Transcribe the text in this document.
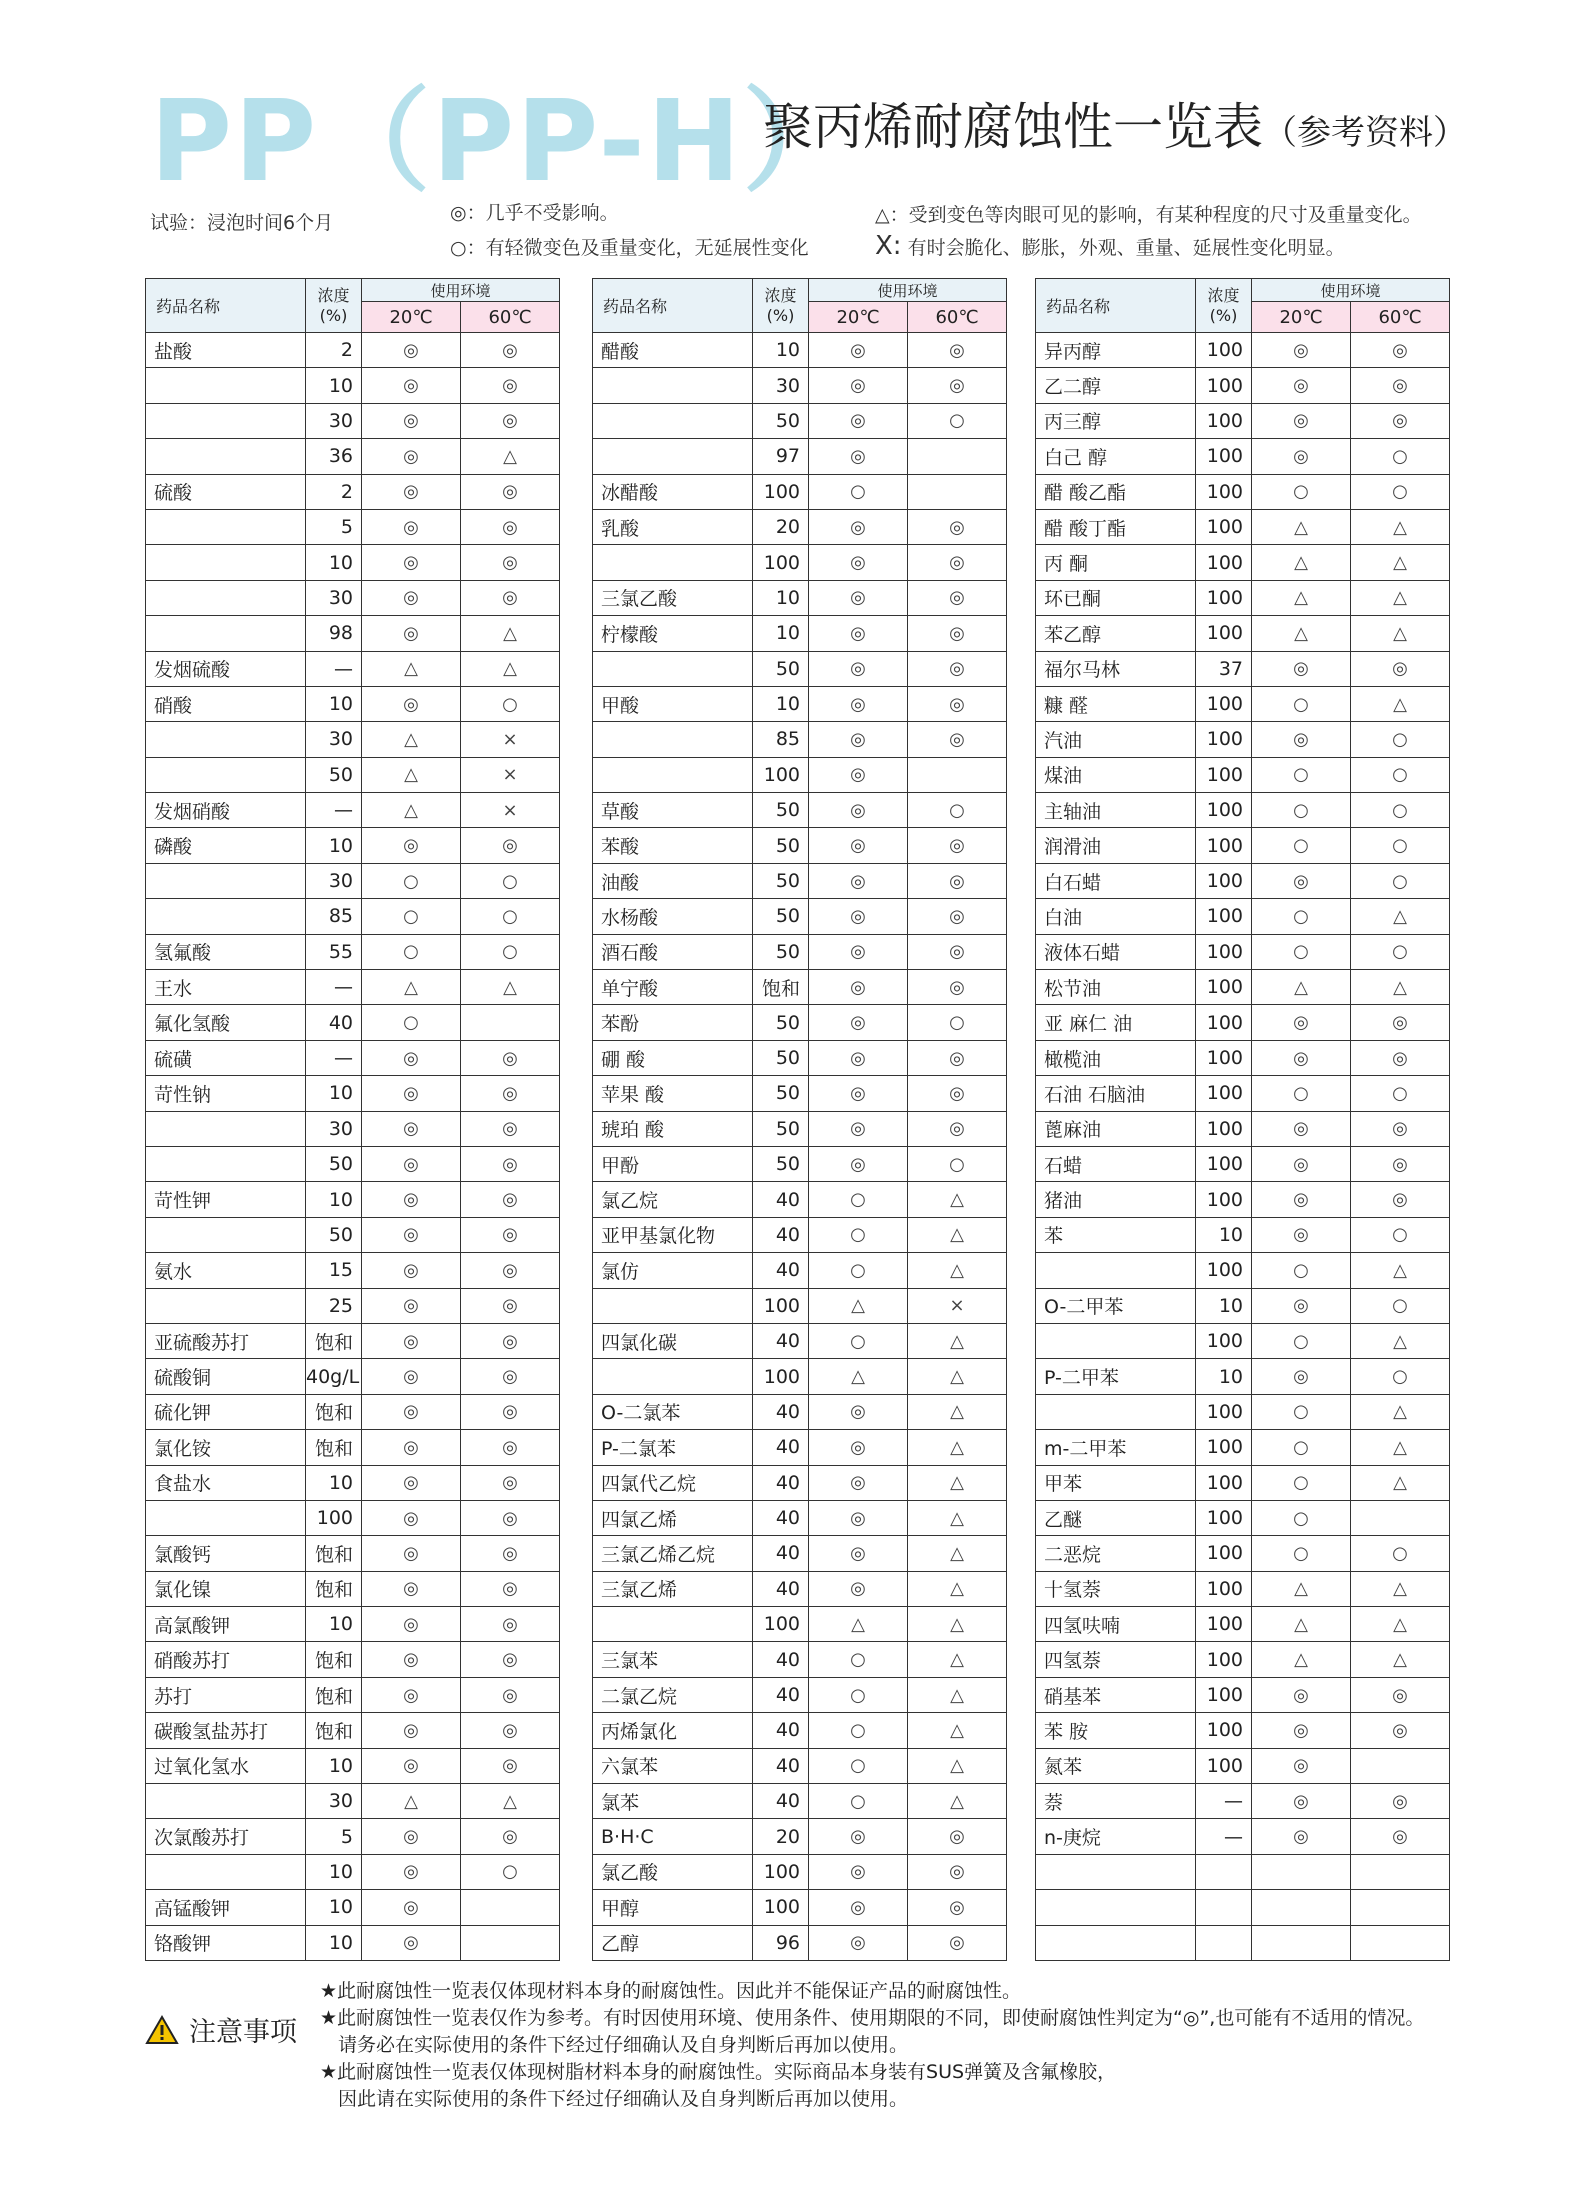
PP（PP-H）
聚丙烯耐腐蚀性一览表（参考资料）
试验：浸泡时间6个月	◎：几乎不受影响。
○：有轻微变色及重量变化，无延展性变化
△：受到变色等肉眼可见的影响，有某种程度的尺寸及重量变化。
X: 有时会脆化、膨胀，外观、重量、延展性变化明显。
药品名称	浓度
(%)	使用环境	
		20℃	60℃
盐酸	2	◎	◎
	10	◎	◎
	30	◎	◎
	36	◎	△
硫酸	2	◎	◎
	5	◎	◎
	10	◎	◎
	30	◎	◎
	98	◎	△
发烟硫酸	—	△	△
硝酸	10	◎	○
	30	△	×
	50	△	×
发烟硝酸	—	△	×
磷酸	10	◎	◎
	30	○	○
	85	○	○
氢氟酸	55	○	○
王水	—	△	△
氟化氢酸	40	○	
硫磺	—	◎	◎
苛性钠	10	◎	◎
	30	◎	◎
	50	◎	◎
苛性钾	10	◎	◎
	50	◎	◎
氨水	15	◎	◎
	25	◎	◎
亚硫酸苏打	饱和	◎	◎
硫酸铜	40g/L	◎	◎
硫化钾	饱和	◎	◎
氯化铵	饱和	◎	◎
食盐水	10	◎	◎
	100	◎	◎
氯酸钙	饱和	◎	◎
氯化镍	饱和	◎	◎
高氯酸钾	10	◎	◎
硝酸苏打	饱和	◎	◎
苏打	饱和	◎	◎
碳酸氢盐苏打	饱和	◎	◎
过氧化氢水	10	◎	◎
	30	△	△
次氯酸苏打	5	◎	◎
	10	◎	○
高锰酸钾	10	◎	
铬酸钾	10	◎	
药品名称	浓度
(%)	使用环境	
		20℃	60℃
醋酸	10	◎	◎
	30	◎	◎
	50	◎	○
	97	◎	
冰醋酸	100	○	
乳酸	20	◎	◎
	100	◎	◎
三氯乙酸	10	◎	◎
柠檬酸	10	◎	◎
	50	◎	◎
甲酸	10	◎	◎
	85	◎	◎
	100	◎	
草酸	50	◎	○
苯酸	50	◎	◎
油酸	50	◎	◎
水杨酸	50	◎	◎
酒石酸	50	◎	◎
单宁酸	饱和	◎	◎
苯酚	50	◎	○
硼 酸	50	◎	◎
苹果 酸	50	◎	◎
琥珀 酸	50	◎	◎
甲酚	50	◎	○
氯乙烷	40	○	△
亚甲基氯化物	40	○	△
氯仿	40	○	△
	100	△	×
四氯化碳	40	○	△
	100	△	△
O-二氯苯	40	◎	△
P-二氯苯	40	◎	△
四氯代乙烷	40	◎	△
四氯乙烯	40	◎	△
三氯乙烯乙烷	40	◎	△
三氯乙烯	40	◎	△
	100	△	△
三氯苯	40	○	△
二氯乙烷	40	○	△
丙烯氯化	40	○	△
六氯苯	40	○	△
氯苯	40	○	△
B·H·C	20	◎	◎
氯乙酸	100	◎	◎
甲醇	100	◎	◎
乙醇	96	◎	◎
药品名称	浓度
(%)	使用环境	
		20℃	60℃
异丙醇	100	◎	◎
乙二醇	100	◎	◎
丙三醇	100	◎	◎
白己 醇	100	◎	○
醋 酸乙酯	100	○	○
醋 酸丁酯	100	△	△
丙 酮	100	△	△
环已酮	100	△	△
苯乙醇	100	△	△
福尔马林	37	◎	◎
糠 醛	100	○	△
汽油	100	◎	○
煤油	100	○	○
主轴油	100	○	○
润滑油	100	○	○
白石蜡	100	◎	○
白油	100	○	△
液体石蜡	100	○	○
松节油	100	△	△
亚 麻仁 油	100	◎	◎
橄榄油	100	◎	◎
石油 石脑油	100	○	○
蓖麻油	100	◎	◎
石蜡	100	◎	◎
猪油	100	◎	◎
苯	10	◎	○
	100	○	△
O-二甲苯	10	◎	○
	100	○	△
P-二甲苯	10	◎	○
	100	○	△
m-二甲苯	100	○	△
甲苯	100	○	△
乙醚	100	○	
二恶烷	100	○	○
十氢萘	100	△	△
四氢呋喃	100	△	△
四氢萘	100	△	△
硝基苯	100	◎	◎
苯 胺	100	◎	◎
氮苯	100	◎	
萘	—	◎	◎
n-庚烷	—	◎	◎

注意事项

★此耐腐蚀性一览表仅体现材料本身的耐腐蚀性。因此并不能保证产品的耐腐蚀性。

★此耐腐蚀性一览表仅作为参考。有时因使用环境、使用条件、使用期限的不同，即使耐腐蚀性判定为“◎”,也可能有不适用的情况。

请务必在实际使用的条件下经过仔细确认及自身判断后再加以使用。

★此耐腐蚀性一览表仅体现树脂材料本身的耐腐蚀性。实际商品本身装有SUS弹簧及含氟橡胶，

因此请在实际使用的条件下经过仔细确认及自身判断后再加以使用。
